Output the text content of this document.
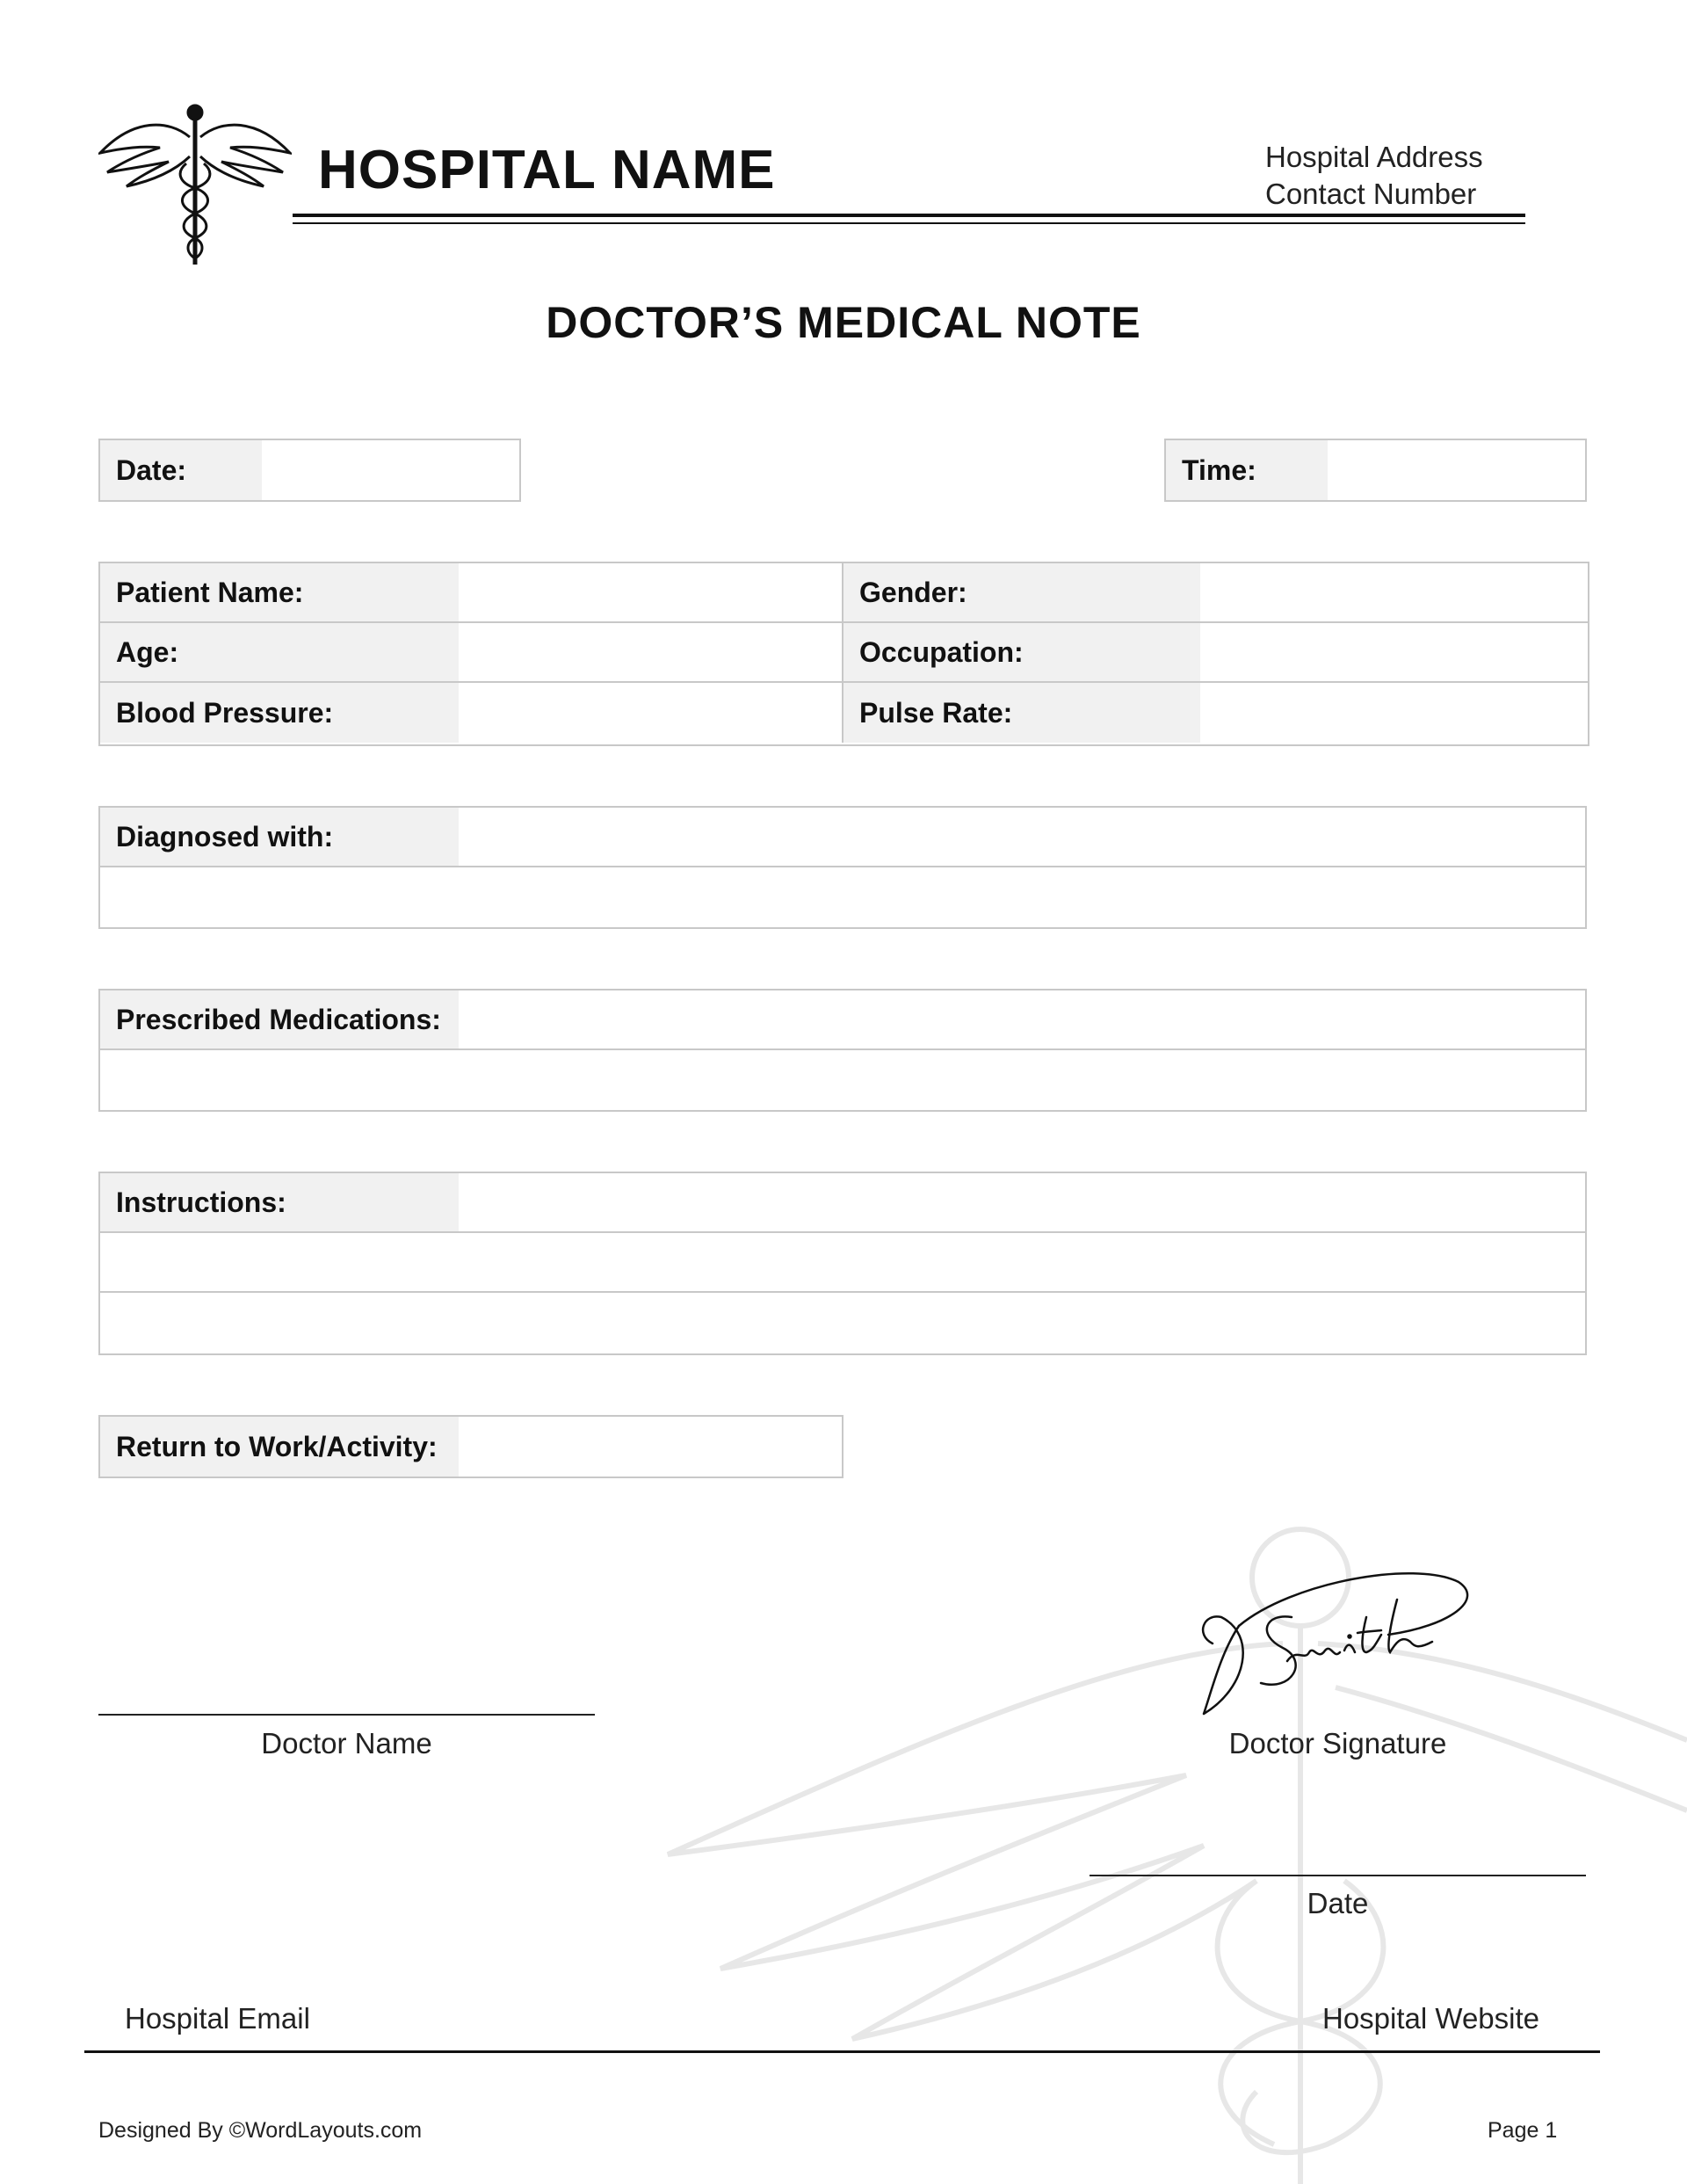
HOSPITAL NAME	Hospital Address
Contact Number
DOCTOR’S MEDICAL NOTE
Date:	Time:
Patient Name:	Gender:
Age:	Occupation:
Blood Pressure:	Pulse Rate:
Diagnosed with:
Prescribed Medications:
Instructions:
Return to Work/Activity:
Doctor Name	Doctor Signature
Date
Hospital Email	Hospital Website
Designed By ©WordLayouts.com	Page 1
